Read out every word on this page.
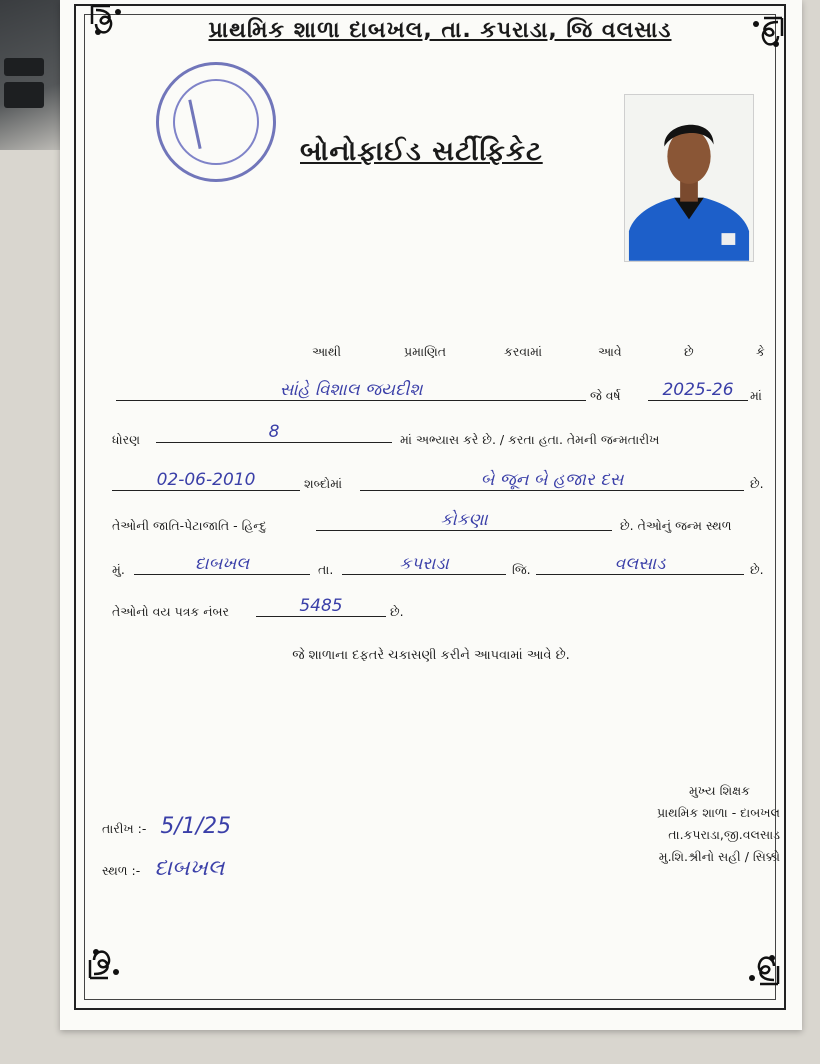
પ્રાથમિક શાળા દાબખલ, તા. કપરાડા, જિ વલસાડ
બોનોફાઈડ સર્ટીફિકેટ
આથી	પ્રમાણિત	કરવામાં	આવે	છે	કે
સાંહે વિશાલ જયદીશ	જે વર્ષ	2025-26	માં
ધોરણ	8	માં અભ્યાસ કરે છે. / કરતા હતા. તેમની જન્મતારીખ
02-06-2010	શબ્દોમાં	બે જૂન બે હજાર દસ	છે.
તેઓની જાતિ-પેટાજાતિ - હિન્દુ	કોકણા	છે. તેઓનું જન્મ સ્થળ
મું.	દાબખલ	તા.	કપરાડા	જિ.	વલસાડ	છે.
તેઓનો વય પત્રક નંબર	5485	છે.
જે શાળાના દફતરે ચકાસણી કરીને આપવામાં આવે છે.
મુખ્ય શિક્ષક
પ્રાથમિક શાળા - દાબખલ
તા.કપરાડા,જી.વલસાડ
મુ.શિ.શ્રીનો સહી / સિક્કો
તારીખ :- 5/1/25
સ્થળ :- દાબખલ
